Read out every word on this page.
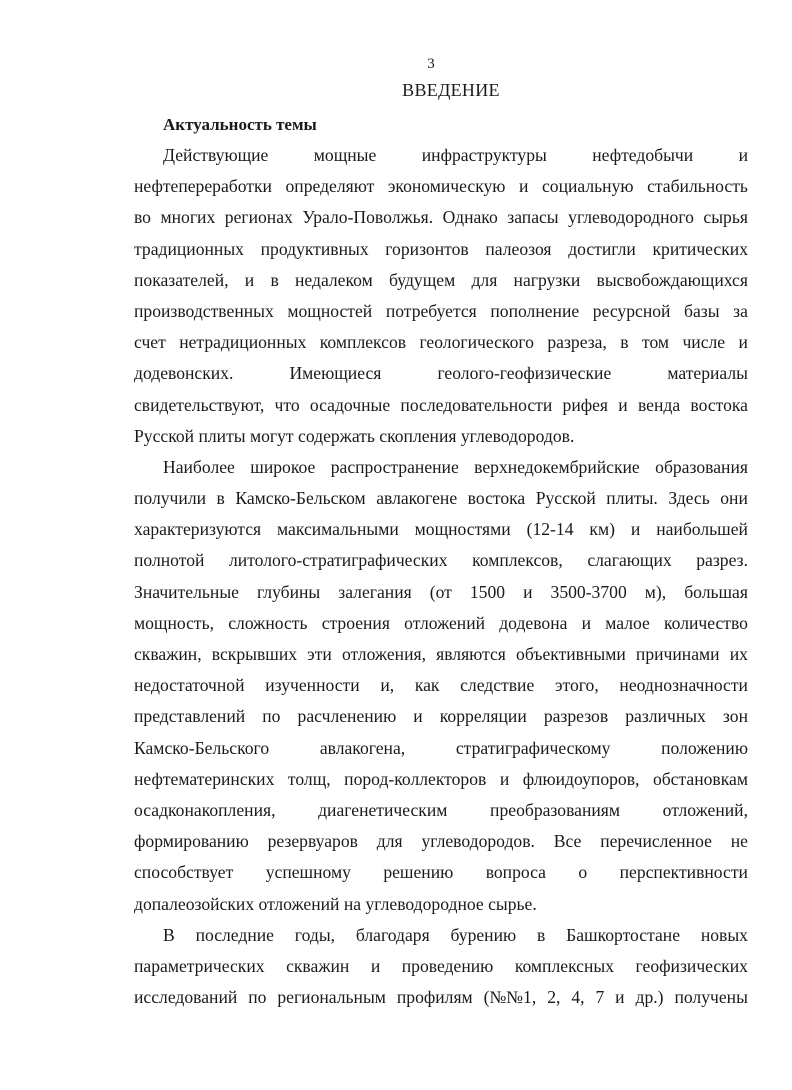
3
ВВЕДЕНИЕ
Актуальность темы
Действующие	мощные	инфраструктуры	нефтедобычи	и
нефтепереработки определяют экономическую и социальную стабильность
во многих регионах Урало-Поволжья. Однако запасы углеводородного сырья
традиционных продуктивных горизонтов палеозоя достигли критических
показателей, и в недалеком будущем для нагрузки высвобождающихся
производственных мощностей потребуется пополнение ресурсной базы за
счет нетрадиционных комплексов геологического разреза, в том числе и
додевонских.	Имеющиеся	геолого-геофизические	материалы
свидетельствуют, что осадочные последовательности рифея и венда востока
Русской плиты могут содержать скопления углеводородов.
Наиболее широкое распространение верхнедокембрийские образования
получили в Камско-Бельском авлакогене востока Русской плиты. Здесь они
характеризуются максимальными мощностями (12-14 км) и наибольшей
полнотой литолого-стратиграфических комплексов, слагающих разрез.
Значительные глубины залегания (от 1500 и 3500-3700 м), большая
мощность, сложность строения отложений додевона и малое количество
скважин, вскрывших эти отложения, являются объективными причинами их
недостаточной изученности и, как следствие этого, неоднозначности
представлений по расчленению и корреляции разрезов различных зон
Камско-Бельского	авлакогена,	стратиграфическому	положению
нефтематеринских толщ, пород-коллекторов и флюидоупоров, обстановкам
осадконакопления, диагенетическим преобразованиям отложений,
формированию резервуаров для углеводородов. Все перечисленное не
способствует успешному решению вопроса о перспективности
допалеозойских отложений на углеводородное сырье.
В последние годы, благодаря бурению в Башкортостане новых
параметрических скважин и проведению комплексных геофизических
исследований по региональным профилям (№№1, 2, 4, 7 и др.) получены
